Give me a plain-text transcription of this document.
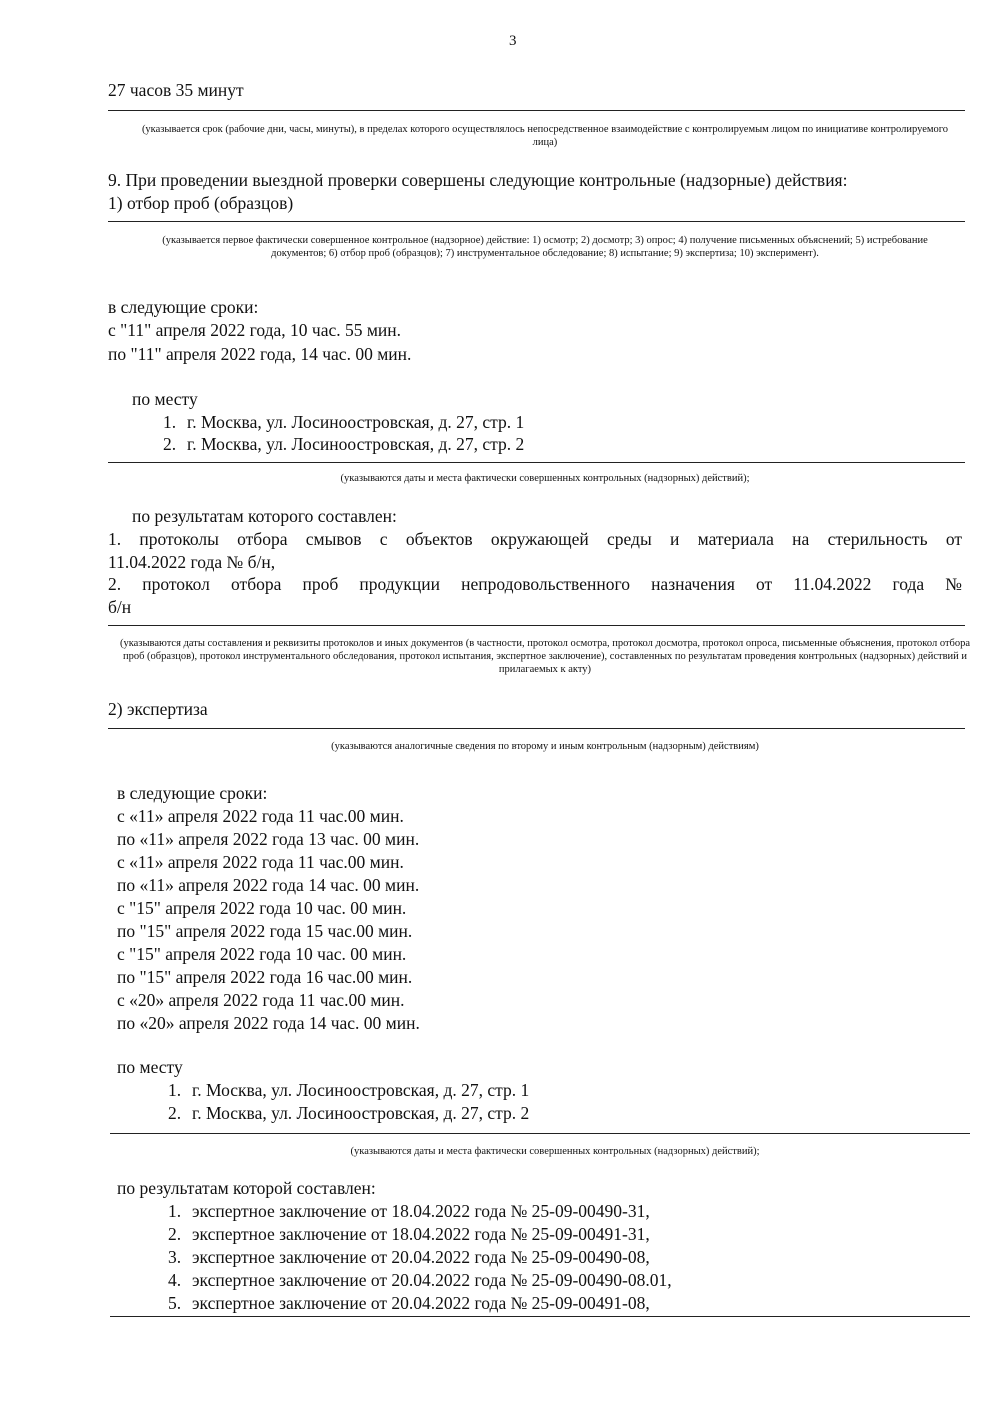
3
27 часов 35 минут
(указывается срок (рабочие дни, часы, минуты), в пределах которого осуществлялось непосредственное взаимодействие с контролируемым лицом по инициативе контролируемого лица)
9. При проведении выездной проверки совершены следующие контрольные (надзорные) действия:
1) отбор проб (образцов)
(указывается первое фактически совершенное контрольное (надзорное) действие: 1) осмотр; 2) досмотр; 3) опрос; 4) получение письменных объяснений; 5) истребование документов; 6) отбор проб (образцов); 7) инструментальное обследование; 8) испытание; 9) экспертиза; 10) эксперимент).
в следующие сроки:
с "11" апреля 2022 года, 10 час. 55 мин.
по "11" апреля 2022 года, 14 час. 00 мин.
по месту
1. г. Москва, ул. Лосиноостровская, д. 27, стр. 1
2. г. Москва, ул. Лосиноостровская, д. 27, стр. 2
(указываются даты и места фактически совершенных контрольных (надзорных) действий);
по результатам которого составлен:
1. протоколы отбора смывов с объектов окружающей среды и материала на стерильность от
11.04.2022 года № б/н,
2. протокол отбора проб продукции непродовольственного назначения от 11.04.2022 года №
б/н
(указываются даты составления и реквизиты протоколов и иных документов (в частности, протокол осмотра, протокол досмотра, протокол опроса, письменные объяснения, протокол отбора проб (образцов), протокол инструментального обследования, протокол испытания, экспертное заключение), составленных по результатам проведения контрольных (надзорных) действий и прилагаемых к акту)
2) экспертиза
(указываются аналогичные сведения по второму и иным контрольным (надзорным) действиям)
в следующие сроки:
с «11» апреля 2022 года 11 час.00 мин.
по «11» апреля 2022 года 13 час. 00 мин.
с «11» апреля 2022 года 11 час.00 мин.
по «11» апреля 2022 года 14 час. 00 мин.
с "15" апреля 2022 года 10 час. 00 мин.
по "15" апреля 2022 года 15 час.00 мин.
с "15" апреля 2022 года 10 час. 00 мин.
по "15" апреля 2022 года 16 час.00 мин.
с «20» апреля 2022 года 11 час.00 мин.
по «20» апреля 2022 года 14 час. 00 мин.
по месту
1. г. Москва, ул. Лосиноостровская, д. 27, стр. 1
2. г. Москва, ул. Лосиноостровская, д. 27, стр. 2
(указываются даты и места фактически совершенных контрольных (надзорных) действий);
по результатам которой составлен:
1. экспертное заключение от 18.04.2022 года № 25-09-00490-31,
2. экспертное заключение от 18.04.2022 года № 25-09-00491-31,
3. экспертное заключение от 20.04.2022 года № 25-09-00490-08,
4. экспертное заключение от 20.04.2022 года № 25-09-00490-08.01,
5. экспертное заключение от 20.04.2022 года № 25-09-00491-08,
